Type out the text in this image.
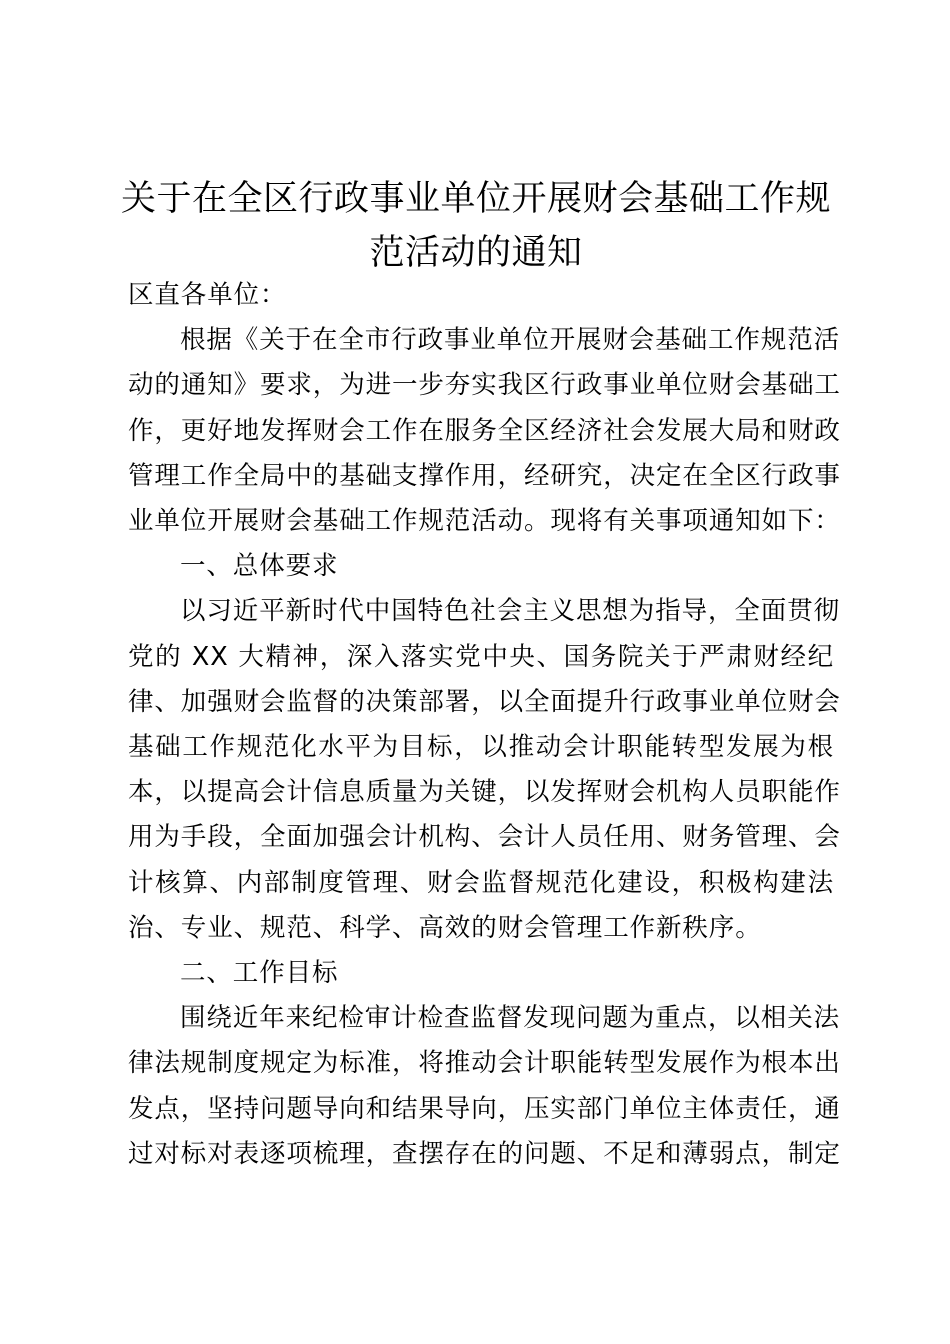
关于在全区行政事业单位开展财会基础工作规
范活动的通知
区直各单位：
根据《关于在全市行政事业单位开展财会基础工作规范活
动的通知》要求，为进一步夯实我区行政事业单位财会基础工
作，更好地发挥财会工作在服务全区经济社会发展大局和财政
管理工作全局中的基础支撑作用，经研究，决定在全区行政事
业单位开展财会基础工作规范活动。现将有关事项通知如下：
一、总体要求
以习近平新时代中国特色社会主义思想为指导，全面贯彻
党的 XX 大精神，深入落实党中央、国务院关于严肃财经纪
律、加强财会监督的决策部署，以全面提升行政事业单位财会
基础工作规范化水平为目标，以推动会计职能转型发展为根
本，以提高会计信息质量为关键，以发挥财会机构人员职能作
用为手段，全面加强会计机构、会计人员任用、财务管理、会
计核算、内部制度管理、财会监督规范化建设，积极构建法
治、专业、规范、科学、高效的财会管理工作新秩序。
二、工作目标
围绕近年来纪检审计检查监督发现问题为重点，以相关法
律法规制度规定为标准，将推动会计职能转型发展作为根本出
发点，坚持问题导向和结果导向，压实部门单位主体责任，通
过对标对表逐项梳理，查摆存在的问题、不足和薄弱点，制定
